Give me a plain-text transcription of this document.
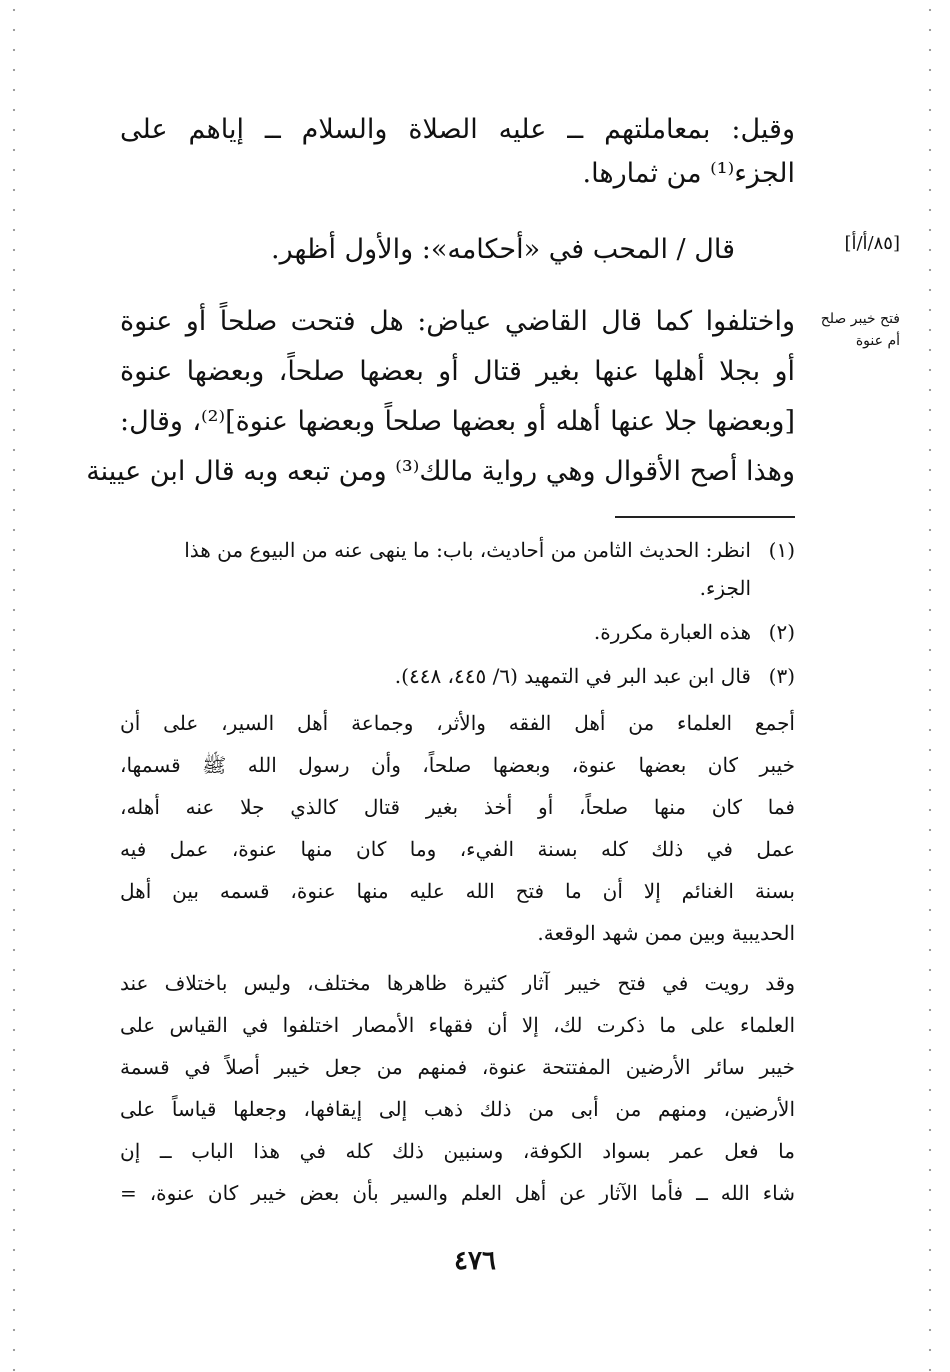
وقيل: بمعاملتهم ــ عليه الصلاة والسلام ــ إياهم على
الجزء⁽¹⁾ من ثمارها.
قال / المحب في «أحكامه»: والأول أظهر.	[٨٥/أ/أ]
فتح خيبر صلح أم عنوة
واختلفوا كما قال القاضي عياض: هل فتحت صلحاً أو عنوة
أو بجلا أهلها عنها بغير قتال أو بعضها صلحاً، وبعضها عنوة
[وبعضها جلا عنها أهله أو بعضها صلحاً وبعضها عنوة]⁽²⁾، وقال:
وهذا أصح الأقوال وهي رواية مالك⁽³⁾ ومن تبعه وبه قال ابن عيينة
(١)انظر: الحديث الثامن من أحاديث، باب: ما ينهى عنه من البيوع من هذا
الجزء.
(٢)هذه العبارة مكررة.
(٣)قال ابن عبد البر في التمهيد (٦/ ٤٤٥، ٤٤٨).
أجمع العلماء من أهل الفقه والأثر، وجماعة أهل السير، على أن
خيبر كان بعضها عنوة، وبعضها صلحاً، وأن رسول الله ﷺ قسمها،
فما كان منها صلحاً، أو أخذ بغير قتال كالذي جلا عنه أهله،
عمل في ذلك كله بسنة الفيء، وما كان منها عنوة، عمل فيه
بسنة الغنائم إلا أن ما فتح الله عليه منها عنوة، قسمه بين أهل
الحديبية وبين ممن شهد الوقعة.
وقد رويت في فتح خيبر آثار كثيرة ظاهرها مختلف، وليس باختلاف عند
العلماء على ما ذكرت لك، إلا أن فقهاء الأمصار اختلفوا في القياس على
خيبر سائر الأرضين المفتتحة عنوة، فمنهم من جعل خيبر أصلاً في قسمة
الأرضين، ومنهم من أبى من ذلك ذهب إلى إيقافها، وجعلها قياساً على
ما فعل عمر بسواد الكوفة، وسنبين ذلك كله في هذا الباب ــ إن
شاء الله ــ فأما الآثار عن أهل العلم والسير بأن بعض خيبر كان عنوة، =
٤٧٦
